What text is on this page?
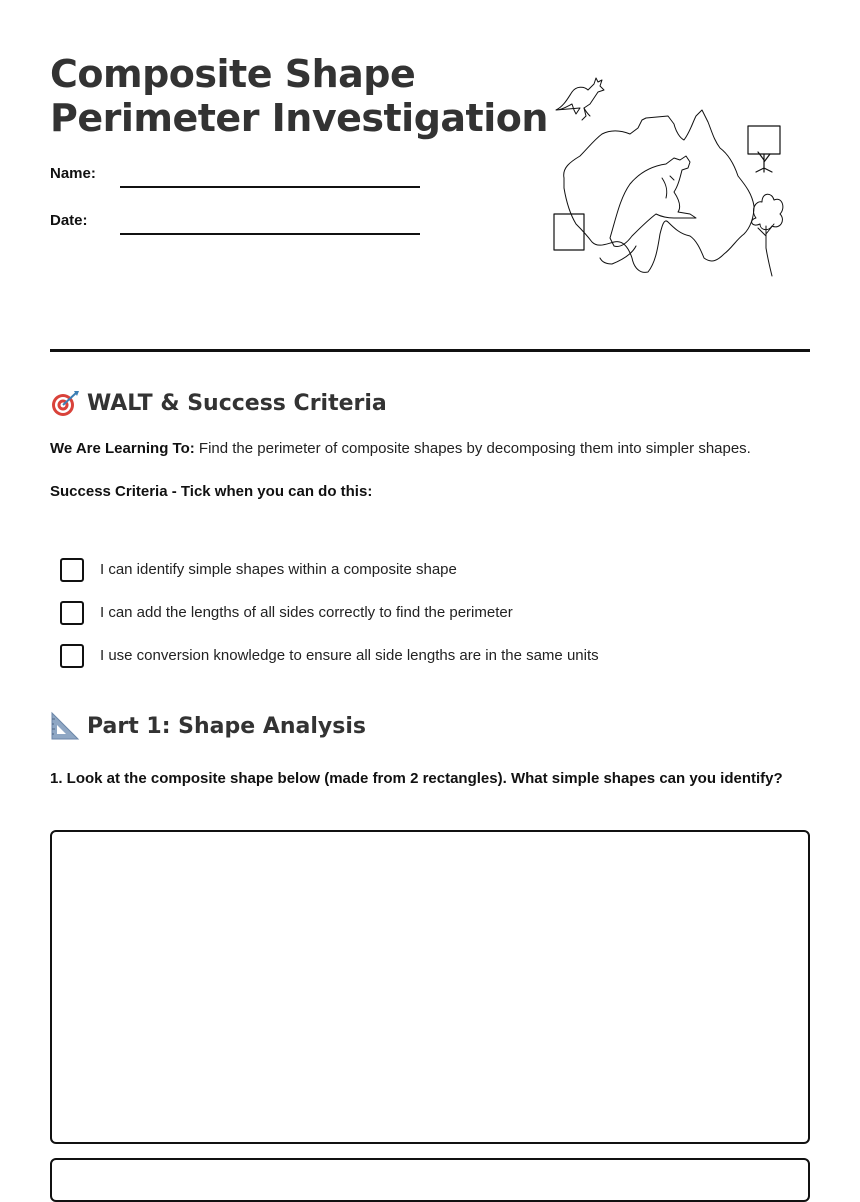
Composite Shape
Perimeter Investigation
Name:
Date:
WALT & Success Criteria
We Are Learning To: Find the perimeter of composite shapes by decomposing them into simpler shapes.
Success Criteria - Tick when you can do this:
I can identify simple shapes within a composite shape
I can add the lengths of all sides correctly to find the perimeter
I use conversion knowledge to ensure all side lengths are in the same units
Part 1: Shape Analysis
1. Look at the composite shape below (made from 2 rectangles). What simple shapes can you identify?
